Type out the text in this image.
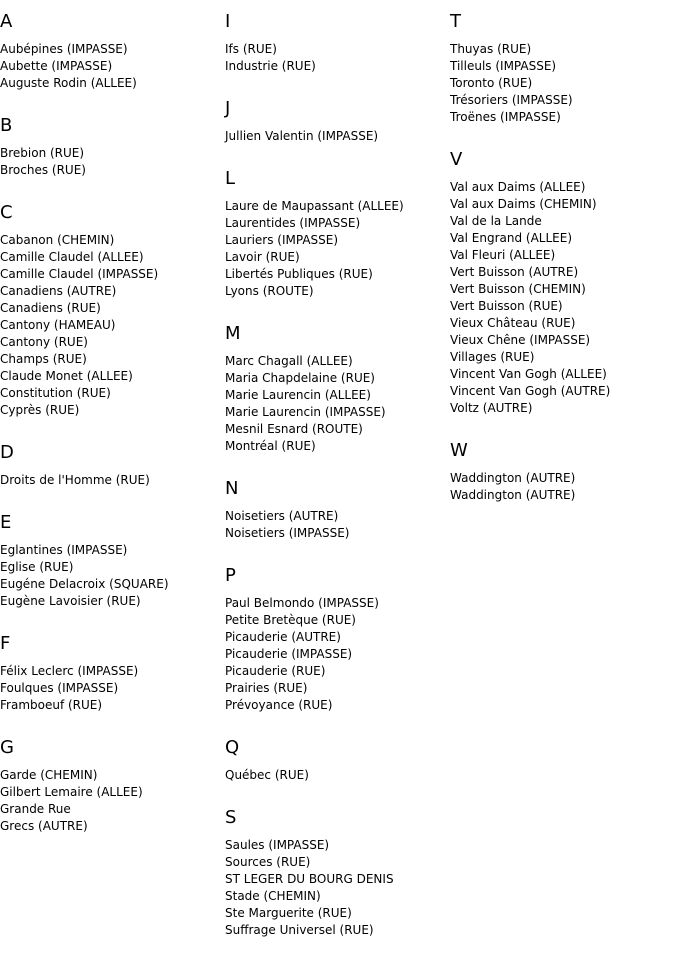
A
Aubépines (IMPASSE)
Aubette (IMPASSE)
Auguste Rodin (ALLEE)
B
Brebion (RUE)
Broches (RUE)
C
Cabanon (CHEMIN)
Camille Claudel (ALLEE)
Camille Claudel (IMPASSE)
Canadiens (AUTRE)
Canadiens (RUE)
Cantony (HAMEAU)
Cantony (RUE)
Champs (RUE)
Claude Monet (ALLEE)
Constitution (RUE)
Cyprès (RUE)
D
Droits de l'Homme (RUE)
E
Eglantines (IMPASSE)
Eglise (RUE)
Eugéne Delacroix (SQUARE)
Eugène Lavoisier (RUE)
F
Félix Leclerc (IMPASSE)
Foulques (IMPASSE)
Framboeuf (RUE)
G
Garde (CHEMIN)
Gilbert Lemaire (ALLEE)
Grande Rue
Grecs (AUTRE)
I
Ifs (RUE)
Industrie (RUE)
J
Jullien Valentin (IMPASSE)
L
Laure de Maupassant (ALLEE)
Laurentides (IMPASSE)
Lauriers (IMPASSE)
Lavoir (RUE)
Libertés Publiques (RUE)
Lyons (ROUTE)
M
Marc Chagall (ALLEE)
Maria Chapdelaine (RUE)
Marie Laurencin (ALLEE)
Marie Laurencin (IMPASSE)
Mesnil Esnard (ROUTE)
Montréal (RUE)
N
Noisetiers (AUTRE)
Noisetiers (IMPASSE)
P
Paul Belmondo (IMPASSE)
Petite Bretèque (RUE)
Picauderie (AUTRE)
Picauderie (IMPASSE)
Picauderie (RUE)
Prairies (RUE)
Prévoyance (RUE)
Q
Québec (RUE)
S
Saules (IMPASSE)
Sources (RUE)
ST LEGER DU BOURG DENIS
Stade (CHEMIN)
Ste Marguerite (RUE)
Suffrage Universel (RUE)
T
Thuyas (RUE)
Tilleuls (IMPASSE)
Toronto (RUE)
Trésoriers (IMPASSE)
Troënes (IMPASSE)
V
Val aux Daims (ALLEE)
Val aux Daims (CHEMIN)
Val de la Lande
Val Engrand (ALLEE)
Val Fleuri (ALLEE)
Vert Buisson (AUTRE)
Vert Buisson (CHEMIN)
Vert Buisson (RUE)
Vieux Château (RUE)
Vieux Chêne (IMPASSE)
Villages (RUE)
Vincent Van Gogh (ALLEE)
Vincent Van Gogh (AUTRE)
Voltz (AUTRE)
W
Waddington (AUTRE)
Waddington (AUTRE)
